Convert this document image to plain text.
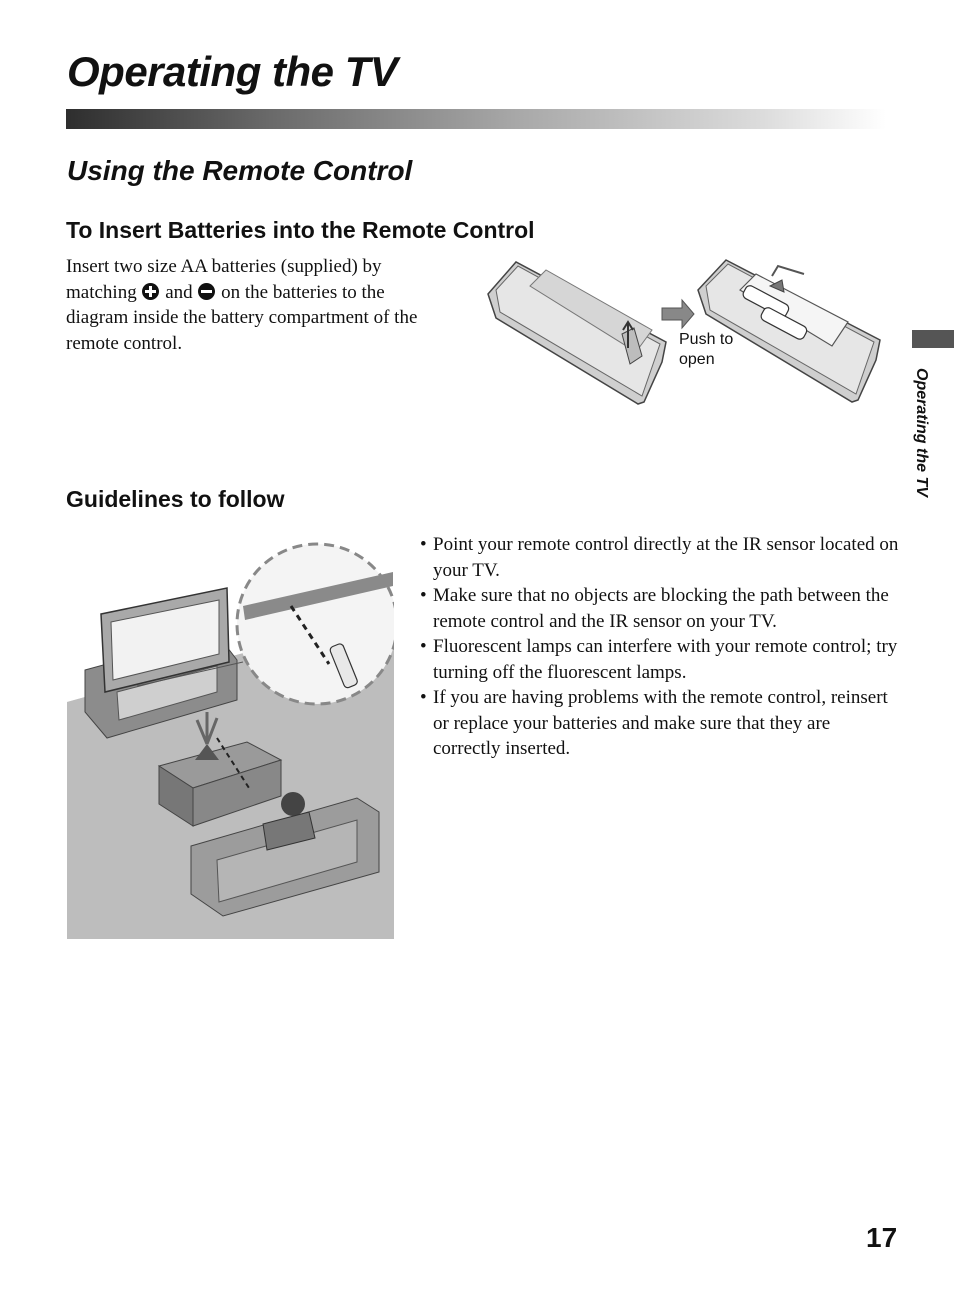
Operating the TV
Using the Remote Control
To Insert Batteries into the Remote Control

Insert two size AA batteries (supplied) by matching and on the batteries to the diagram inside the battery compartment of the remote control.	Push to open
Operating the TV
Guidelines to follow
• Point your remote control directly at the IR sensor located on your TV.
• Make sure that no objects are blocking the path between the remote control and the IR sensor on your TV.
• Fluorescent lamps can interfere with your remote control; try turning off the fluorescent lamps.
• If you are having problems with the remote control, reinsert or replace your batteries and make sure that they are correctly inserted.
17
